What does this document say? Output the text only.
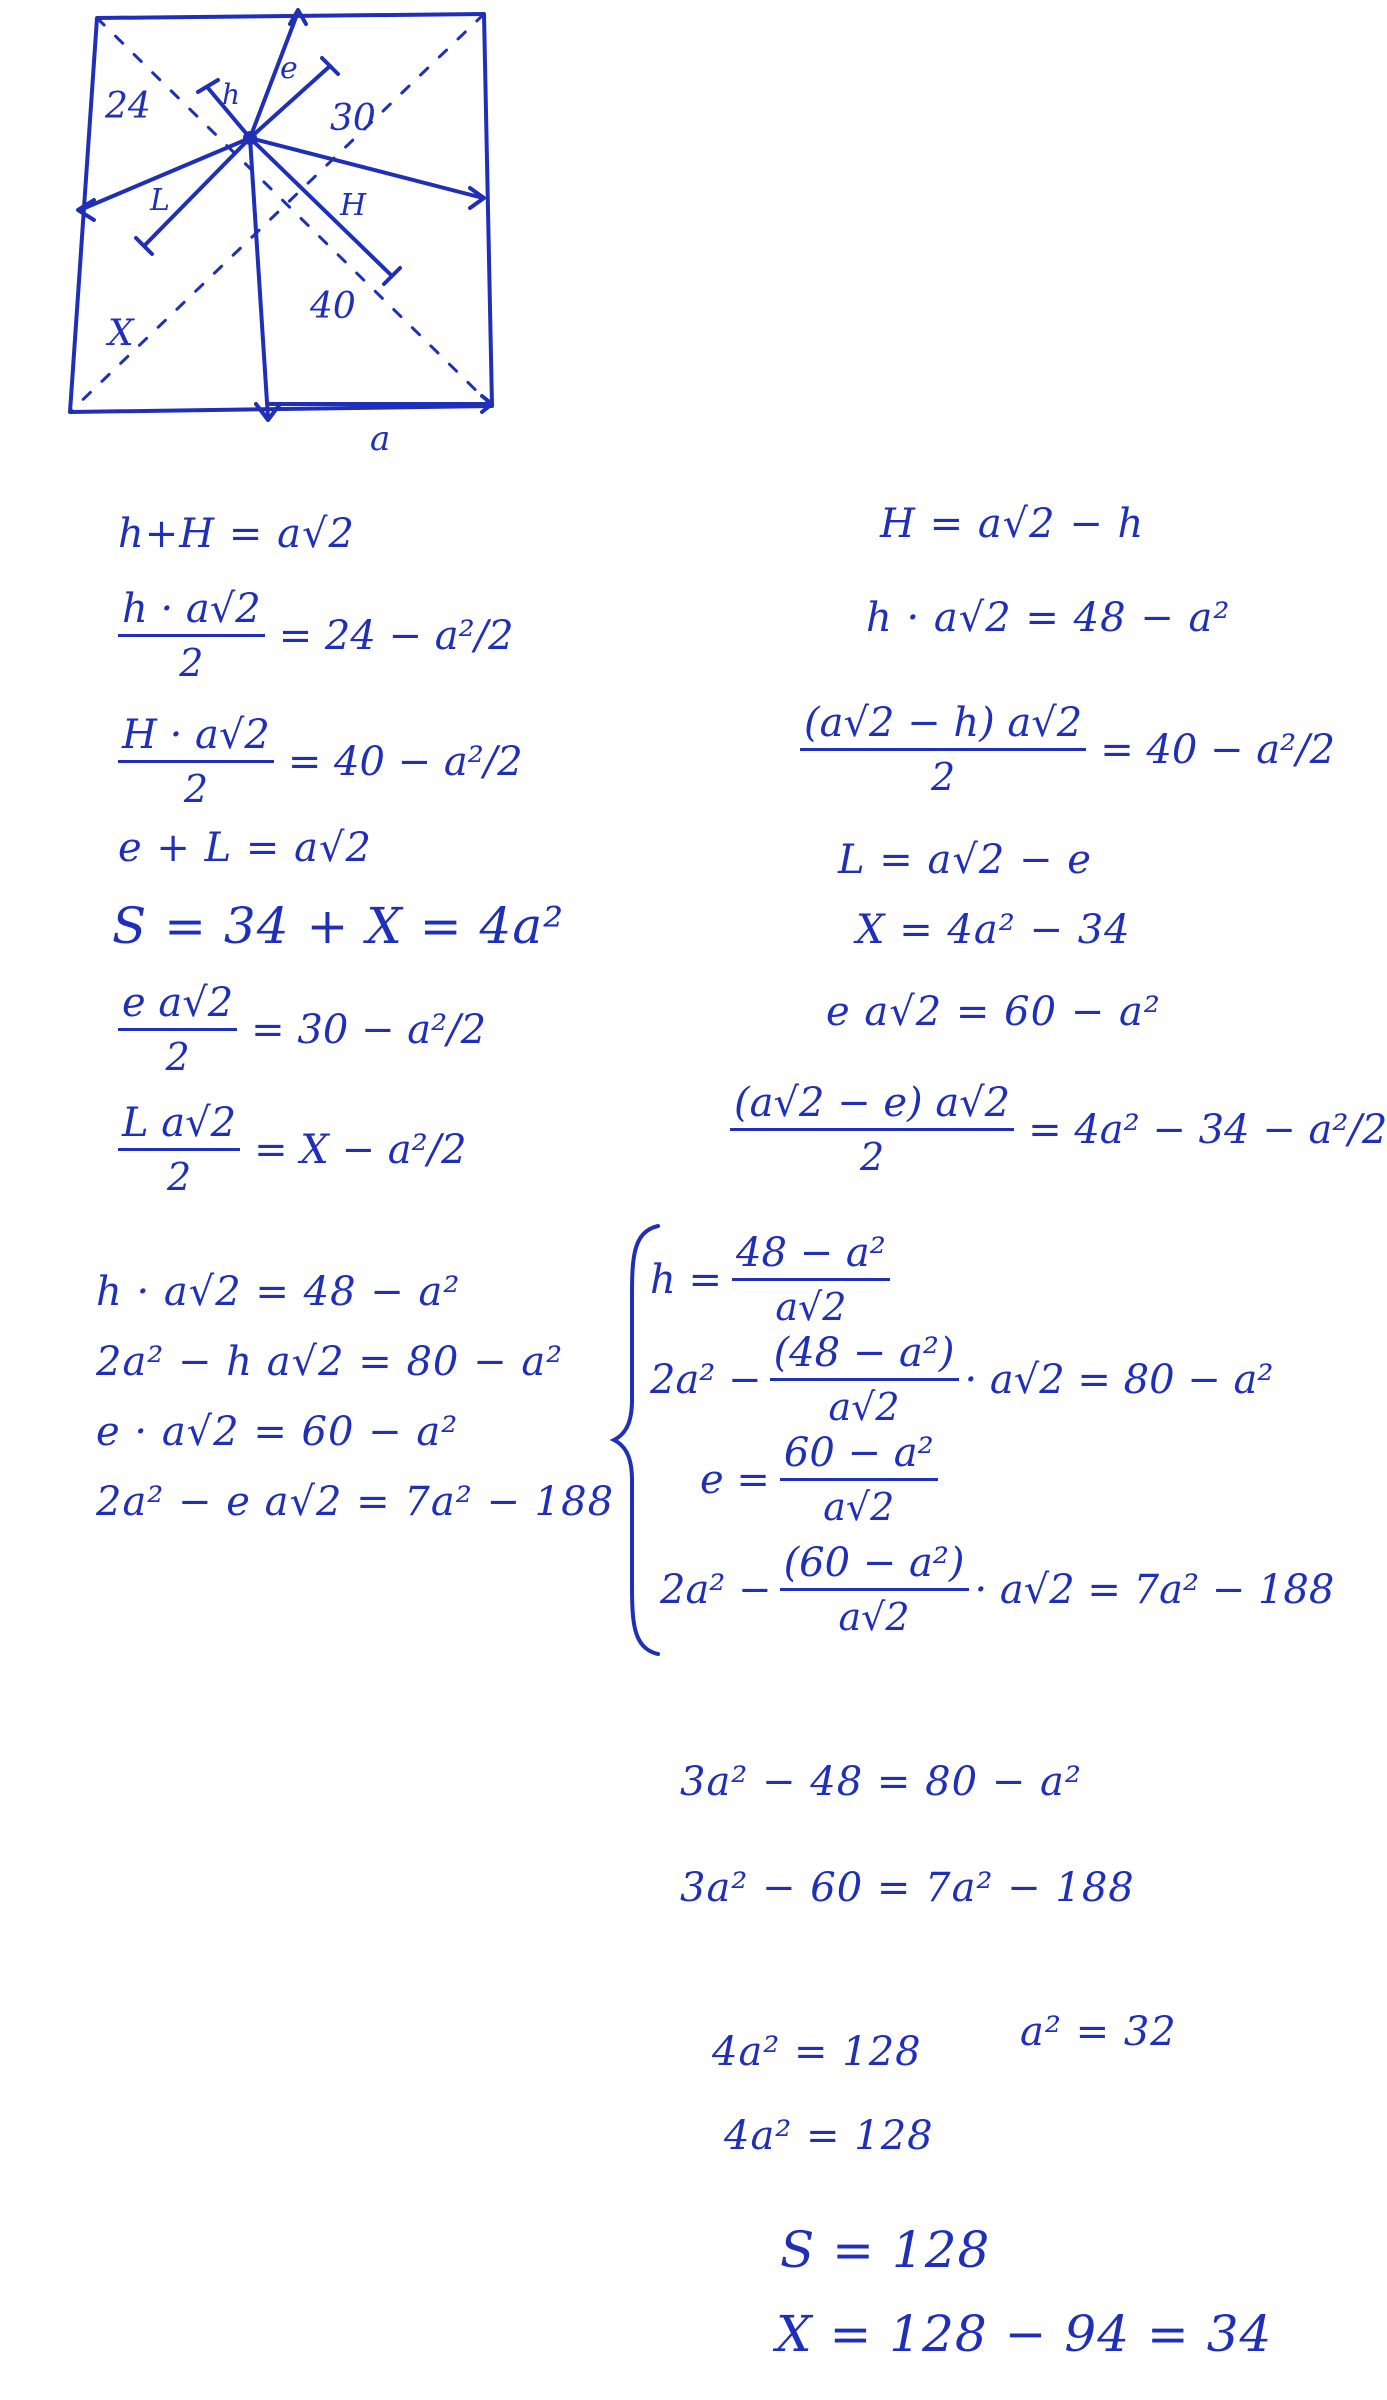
24	30
40
X
h
e
L	H
a
h+H = a√2
h · a√2
2
= 24 − a²/2
H · a√2
2
= 40 − a²/2
e + L = a√2
S = 34 + X = 4a²
e a√2
2
= 30 − a²/2
L a√2
2
= X − a²/2
h · a√2 = 48 − a²
2a² − h a√2 = 80 − a²
e · a√2 = 60 − a²
2a² − e a√2 = 7a² − 188
H = a√2 − h
h · a√2 = 48 − a²
(a√2 − h) a√2
2
= 40 − a²/2
L = a√2 − e
X = 4a² − 34
e a√2 = 60 − a²
(a√2 − e) a√2
2
= 4a² − 34 − a²/2
h =
48 − a²
a√2
2a² −
(48 − a²)
a√2
· a√2 = 80 − a²
e =
60 − a²
a√2
2a² −
(60 − a²)
a√2
· a√2 = 7a² − 188
3a² − 48 = 80 − a²
3a² − 60 = 7a² − 188
4a² = 128 a² = 32
4a² = 128
S = 128
X = 128 − 94 = 34
